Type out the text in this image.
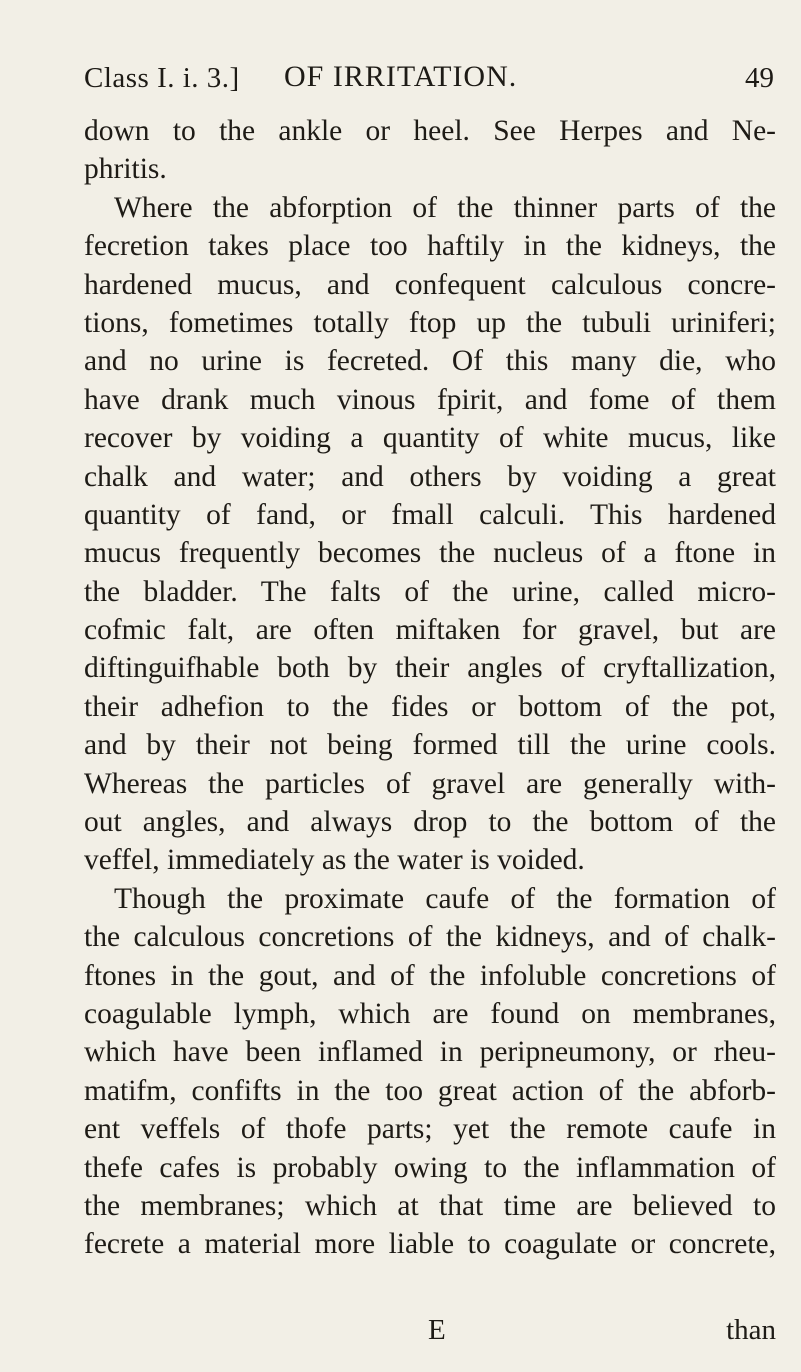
Class I. i. 3.] OF IRRITATION.	49
down to the ankle or heel. See Herpes and Ne-
phritis.
Where the abforption of the thinner parts of the
fecretion takes place too haftily in the kidneys, the
hardened mucus, and confequent calculous concre-
tions, fometimes totally ftop up the tubuli uriniferi;
and no urine is fecreted. Of this many die, who
have drank much vinous fpirit, and fome of them
recover by voiding a quantity of white mucus, like
chalk and water; and others by voiding a great
quantity of fand, or fmall calculi. This hardened
mucus frequently becomes the nucleus of a ftone in
the bladder. The falts of the urine, called micro-
cofmic falt, are often miftaken for gravel, but are
diftinguifhable both by their angles of cryftallization,
their adhefion to the fides or bottom of the pot,
and by their not being formed till the urine cools.
Whereas the particles of gravel are generally with-
out angles, and always drop to the bottom of the
veffel, immediately as the water is voided.
Though the proximate caufe of the formation of
the calculous concretions of the kidneys, and of chalk-
ftones in the gout, and of the infoluble concretions of
coagulable lymph, which are found on membranes,
which have been inflamed in peripneumony, or rheu-
matifm, confifts in the too great action of the abforb-
ent veffels of thofe parts; yet the remote caufe in
thefe cafes is probably owing to the inflammation of
the membranes; which at that time are believed to
fecrete a material more liable to coagulate or concrete,
E	than
